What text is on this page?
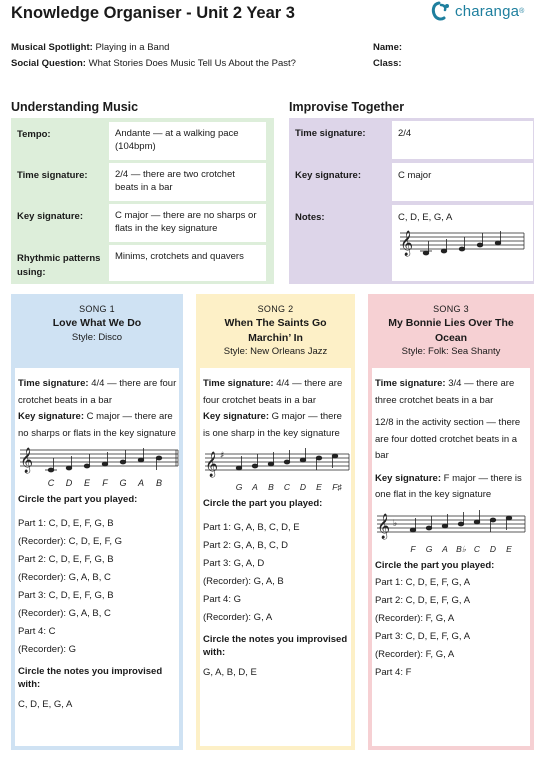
Knowledge Organiser - Unit 2 Year 3	charanga ®
Musical Spotlight: Playing in a Band
Social Question: What Stories Does Music Tell Us About the Past?
Name:
Class:
Understanding Music
Tempo:	Andante — at a walking pace (104bpm)
Time signature:	2/4 — there are two crotchet beats in a bar
Key signature:	C major — there are no sharps or flats in the key signature
Rhythmic patterns using:
Minims, crotchets and quavers
Improvise Together
Time signature:	2/4
Key signature:	C major
Notes:	C, D, E, G, A
𝄞
SONG 1
Love What We Do
Style: Disco
Time signature: 4/4 — there are four crotchet beats in a bar
Key signature: C major — there are no sharps or flats in the key signature
𝄞
C D E F G A B
Circle the part you played:
Part 1: C, D, E, F, G, B
(Recorder): C, D, E, F, G
Part 2: C, D, E, F, G, B
(Recorder): G, A, B, C
Part 3: C, D, E, F, G, B
(Recorder): G, A, B, C
Part 4: C
(Recorder): G
Circle the notes you improvised with:
C, D, E, G, A
SONG 2
When The Saints Go Marchin’ In
Style: New Orleans Jazz
Time signature: 4/4 — there are four crotchet beats in a bar
Key signature: G major — there is one sharp in the key signature
𝄞 ♯
G A B C D E F♯
Circle the part you played:
Part 1: G, A, B, C, D, E
Part 2: G, A, B, C, D
Part 3: G, A, D
(Recorder): G, A, B
Part 4: G
(Recorder): G, A
Circle the notes you improvised with:
G, A, B, D, E
SONG 3
My Bonnie Lies Over The Ocean
Style: Folk: Sea Shanty
Time signature: 3/4 — there are three crotchet beats in a bar
12/8 in the activity section — there are four dotted crotchet beats in a bar
Key signature: F major — there is one flat in the key signature
𝄞 ♭
F G A B♭ C D E
Circle the part you played:
Part 1: C, D, E, F, G, A
Part 2: C, D, E, F, G, A
(Recorder): F, G, A
Part 3: C, D, E, F, G, A
(Recorder): F, G, A
Part 4: F
